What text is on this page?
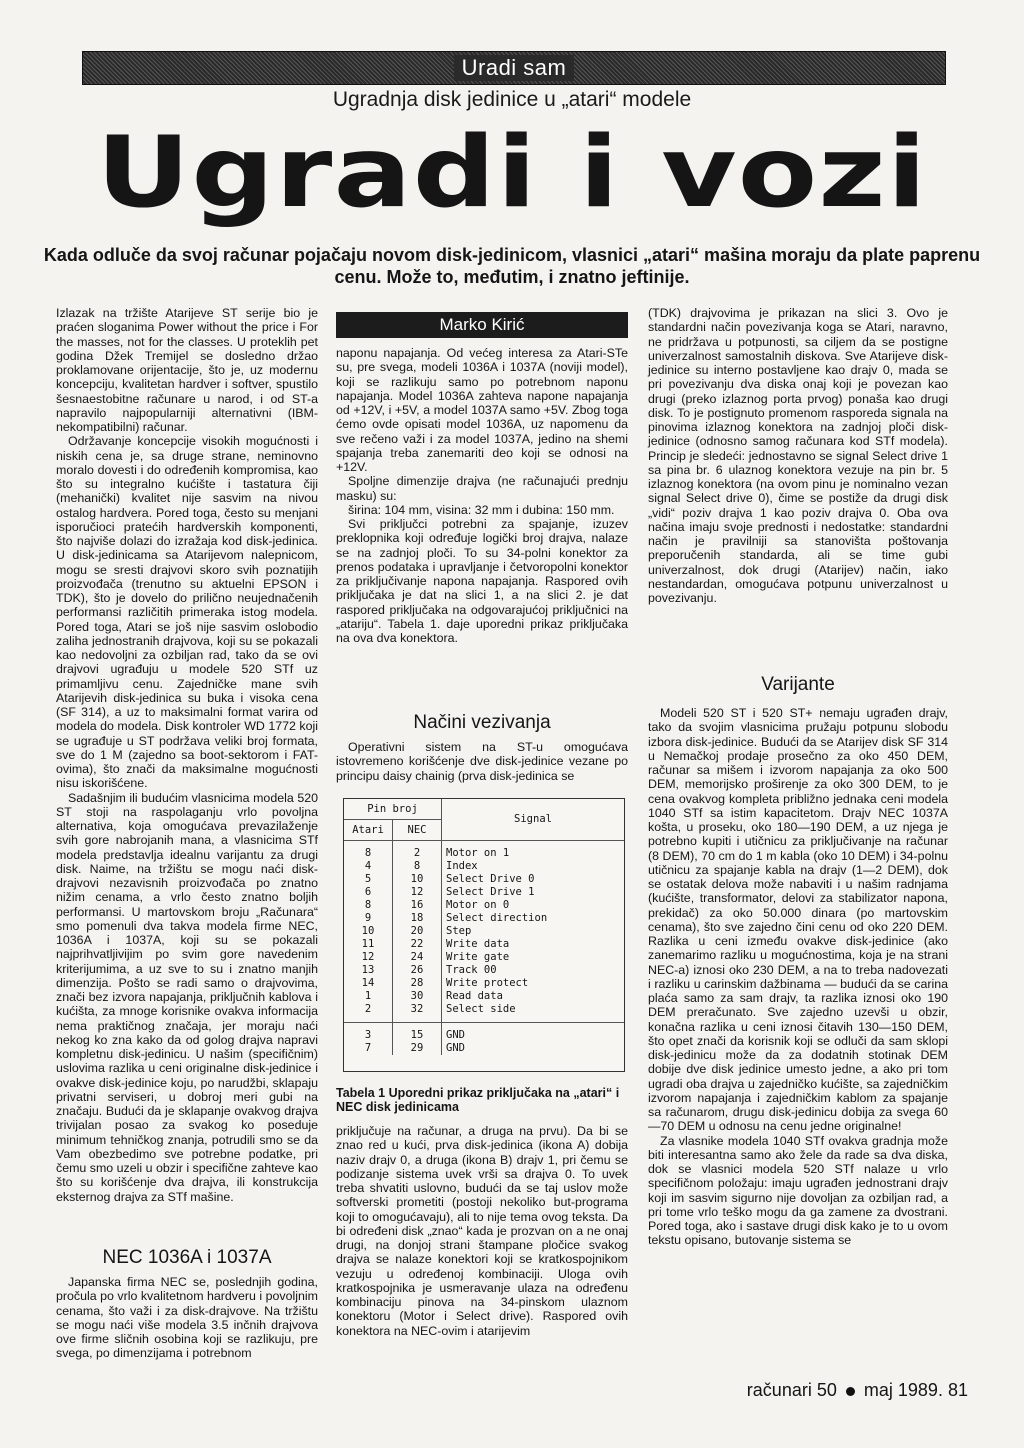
Uradi sam
Ugradnja disk jedinice u „atari“ modele
Ugradi i vozi
Kada odluče da svoj računar pojačaju novom disk-jedinicom, vlasnici „atari“ mašina moraju da plate paprenu cenu. Može to, međutim, i znatno jeftinije.

Izlazak na tržište Atarijeve ST serije bio je praćen sloganima Power without the price i For the masses, not for the classes. U proteklih pet godina Džek Tremijel se dosledno držao proklamovane orijentacije, što je, uz modernu koncepciju, kvalitetan hardver i softver, spustilo šesnaestobitne računare u narod, i od ST-a napravilo najpopularniji alternativni (IBM-nekompatibilni) računar.

Održavanje koncepcije visokih mogućnosti i niskih cena je, sa druge strane, neminovno moralo dovesti i do određenih kompromisa, kao što su integralno kućište i tastatura čiji (mehanički) kvalitet nije sasvim na nivou ostalog hardvera. Pored toga, često su menjani isporučioci pratećih hardverskih komponenti, što najviše dolazi do izražaja kod disk-jedinica. U disk-jedinicama sa Atarijevom nalepnicom, mogu se sresti drajvovi skoro svih poznatijih proizvođača (trenutno su aktuelni EPSON i TDK), što je dovelo do prilično neujednačenih performansi različitih primeraka istog modela. Pored toga, Atari se još nije sasvim oslobodio zaliha jednostranih drajvova, koji su se pokazali kao nedovoljni za ozbiljan rad, tako da se ovi drajvovi ugrađuju u modele 520 STf uz primamljivu cenu. Zajedničke mane svih Atarijevih disk-jedinica su buka i visoka cena (SF 314), a uz to maksimalni format varira od modela do modela. Disk kontroler WD 1772 koji se ugrađuje u ST podržava veliki broj formata, sve do 1 M (zajedno sa boot-sektorom i FAT-ovima), što znači da maksimalne mogućnosti nisu iskorišćene.

Sadašnjim ili budućim vlasnicima modela 520 ST stoji na raspolaganju vrlo povoljna alternativa, koja omogućava prevazilaženje svih gore nabrojanih mana, a vlasnicima STf modela predstavlja idealnu varijantu za drugi disk. Naime, na tržištu se mogu naći disk-drajvovi nezavisnih proizvođača po znatno nižim cenama, a vrlo često znatno boljih performansi. U martovskom broju „Računara“ smo pomenuli dva takva modela firme NEC, 1036A i 1037A, koji su se pokazali najprihvatljivijim po svim gore navedenim kriterijumima, a uz sve to su i znatno manjih dimenzija. Pošto se radi samo o drajvovima, znači bez izvora napajanja, priključnih kablova i kućišta, za mnoge korisnike ovakva informacija nema praktičnog značaja, jer moraju naći nekog ko zna kako da od golog drajva napravi kompletnu disk-jedinicu. U našim (specifičnim) uslovima razlika u ceni originalne disk-jedinice i ovakve disk-jedinice koju, po narudžbi, sklapaju privatni serviseri, u dobroj meri gubi na značaju. Budući da je sklapanje ovakvog drajva trivijalan posao za svakog ko poseduje minimum tehničkog znanja, potrudili smo se da Vam obezbedimo sve potrebne podatke, pri čemu smo uzeli u obzir i specifične zahteve kao što su korišćenje dva drajva, ili konstrukcija eksternog drajva za STf mašine.

NEC 1036A i 1037A

Japanska firma NEC se, poslednjih godina, pročula po vrlo kvalitetnom hardveru i povoljnim cenama, što važi i za disk-drajvove. Na tržištu se mogu naći više modela 3.5 inčnih drajvova ove firme sličnih osobina koji se razlikuju, pre svega, po dimenzijama i potrebnom

Marko Kirić

naponu napajanja. Od većeg interesa za Atari-STe su, pre svega, modeli 1036A i 1037A (noviji model), koji se razlikuju samo po potrebnom naponu napajanja. Model 1036A zahteva napone napajanja od +12V, i +5V, a model 1037A samo +5V. Zbog toga ćemo ovde opisati model 1036A, uz napomenu da sve rečeno važi i za model 1037A, jedino na shemi spajanja treba zanemariti deo koji se odnosi na +12V.

Spoljne dimenzije drajva (ne računajući prednju masku) su:

širina: 104 mm, visina: 32 mm i dubina: 150 mm.

Svi priključci potrebni za spajanje, izuzev preklopnika koji određuje logički broj drajva, nalaze se na zadnjoj ploči. To su 34-polni konektor za prenos podataka i upravljanje i četvoropolni konektor za priključivanje napona napajanja. Raspored ovih priključaka je dat na slici 1, a na slici 2. je dat raspored priključaka na odgovarajućoj priključnici na „atariju“. Tabela 1. daje uporedni prikaz priključaka na ova dva konektora.

Načini vezivanja

Operativni sistem na ST-u omogućava istovremeno korišćenje dve disk-jedinice vezane po principu daisy chainig (prva disk-jedinica se

Pin broj		Signal
Atari	NEC	

8	2	Motor on 1
4	8	Index
5	10	Select Drive 0
6	12	Select Drive 1
8	16	Motor on 0
9	18	Select direction
10	20	Step
11	22	Write data
12	24	Write gate
13	26	Track 00
14	28	Write protect
1	30	Read data
2	32	Select side

3	15	GND
7	29	GND
Tabela 1 Uporedni prikaz priključaka na „atari“ i NEC disk jedinicama

priključuje na računar, a druga na prvu). Da bi se znao red u kući, prva disk-jedinica (ikona A) dobija naziv drajv 0, a druga (ikona B) drajv 1, pri čemu se podizanje sistema uvek vrši sa drajva 0. To uvek treba shvatiti uslovno, budući da se taj uslov može softverski prometiti (postoji nekoliko but-programa koji to omogućavaju), ali to nije tema ovog teksta. Da bi određeni disk „znao“ kada je prozvan on a ne onaj drugi, na donjoj strani štampane pločice svakog drajva se nalaze konektori koji se kratkospojnikom vezuju u određenoj kombinaciji. Uloga ovih kratkospojnika je usmeravanje ulaza na određenu kombinaciju pinova na 34-pinskom ulaznom konektoru (Motor i Select drive). Raspored ovih konektora na NEC-ovim i atarijevim

(TDK) drajvovima je prikazan na slici 3. Ovo je standardni način povezivanja koga se Atari, naravno, ne pridržava u potpunosti, sa ciljem da se postigne univerzalnost samostalnih diskova. Sve Atarijeve disk-jedinice su interno postavljene kao drajv 0, mada se pri povezivanju dva diska onaj koji je povezan kao drugi (preko izlaznog porta prvog) ponaša kao drugi disk. To je postignuto promenom rasporeda signala na pinovima izlaznog konektora na zadnjoj ploči disk-jedinice (odnosno samog računara kod STf modela). Princip je sledeći: jednostavno se signal Select drive 1 sa pina br. 6 ulaznog konektora vezuje na pin br. 5 izlaznog konektora (na ovom pinu je nominalno vezan signal Select drive 0), čime se postiže da drugi disk „vidi“ poziv drajva 1 kao poziv drajva 0. Oba ova načina imaju svoje prednosti i nedostatke: standardni način je pravilniji sa stanovišta poštovanja preporučenih standarda, ali se time gubi univerzalnost, dok drugi (Atarijev) način, iako nestandardan, omogućava potpunu univerzalnost u povezivanju.

Varijante

Modeli 520 ST i 520 ST+ nemaju ugrađen drajv, tako da svojim vlasnicima pružaju potpunu slobodu izbora disk-jedinice. Budući da se Atarijev disk SF 314 u Nemačkoj prodaje prosečno za oko 450 DEM, računar sa mišem i izvorom napajanja za oko 500 DEM, memorijsko proširenje za oko 300 DEM, to je cena ovakvog kompleta približno jednaka ceni modela 1040 STf sa istim kapacitetom. Drajv NEC 1037A košta, u proseku, oko 180—190 DEM, a uz njega je potrebno kupiti i utičnicu za priključivanje na računar (8 DEM), 70 cm do 1 m kabla (oko 10 DEM) i 34-polnu utičnicu za spajanje kabla na drajv (1—2 DEM), dok se ostatak delova može nabaviti i u našim radnjama (kućište, transformator, delovi za stabilizator napona, prekidač) za oko 50.000 dinara (po martovskim cenama), što sve zajedno čini cenu od oko 220 DEM. Razlika u ceni između ovakve disk-jedinice (ako zanemarimo razliku u mogućnostima, koja je na strani NEC-a) iznosi oko 230 DEM, a na to treba nadovezati i razliku u carinskim dažbinama — budući da se carina plaća samo za sam drajv, ta razlika iznosi oko 190 DEM preračunato. Sve zajedno uzevši u obzir, konačna razlika u ceni iznosi čitavih 130—150 DEM, što opet znači da korisnik koji se odluči da sam sklopi disk-jedinicu može da za dodatnih stotinak DEM dobije dve disk jedinice umesto jedne, a ako pri tom ugradi oba drajva u zajedničko kućište, sa zajedničkim izvorom napajanja i zajedničkim kablom za spajanje sa računarom, drugu disk-jedinicu dobija za svega 60—70 DEM u odnosu na cenu jedne originalne!

Za vlasnike modela 1040 STf ovakva gradnja može biti interesantna samo ako žele da rade sa dva diska, dok se vlasnici modela 520 STf nalaze u vrlo specifičnom položaju: imaju ugrađen jednostrani drajv koji im sasvim sigurno nije dovoljan za ozbiljan rad, a pri tome vrlo teško mogu da ga zamene za dvostrani. Pored toga, ako i sastave drugi disk kako je to u ovom tekstu opisano, butovanje sistema se

računari 50 maj 1989. 81
